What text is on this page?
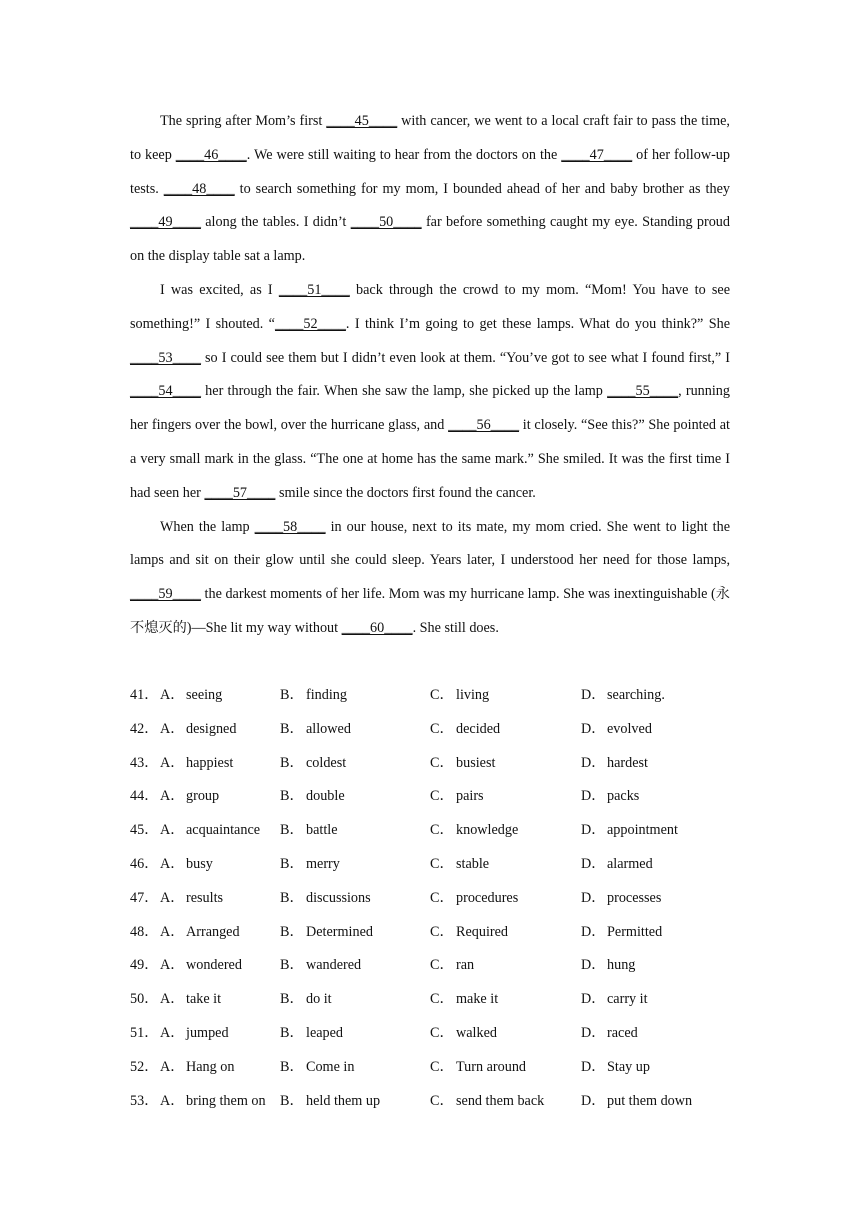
The spring after Mom’s first ____45____ with cancer, we went to a local craft fair to pass the time, to keep ____46____. We were still waiting to hear from the doctors on the ____47____ of her follow-up tests. ____48____ to search something for my mom, I bounded ahead of her and baby brother as they ____49____ along the tables. I didn’t ____50____ far before something caught my eye. Standing proud on the display table sat a lamp.

I was excited, as I ____51____ back through the crowd to my mom. “Mom! You have to see something!” I shouted. “____52____. I think I’m going to get these lamps. What do you think?” She ____53____ so I could see them but I didn’t even look at them. “You’ve got to see what I found first,” I ____54____ her through the fair. When she saw the lamp, she picked up the lamp ____55____, running her fingers over the bowl, over the hurricane glass, and ____56____ it closely. “See this?” She pointed at a very small mark in the glass. “The one at home has the same mark.” She smiled. It was the first time I had seen her ____57____ smile since the doctors first found the cancer.

When the lamp ____58____ in our house, next to its mate, my mom cried. She went to light the lamps and sit on their glow until she could sleep. Years later, I understood her need for those lamps, ____59____ the darkest moments of her life. Mom was my hurricane lamp. She was inextinguishable (永不熄灭的)—She lit my way without ____60____. She still does.

41． A． seeing	B． finding	C． living	D． searching.
42． A． designed	B． allowed	C． decided	D． evolved
43． A． happiest	B． coldest	C． busiest	D． hardest
44． A． group	B． double	C． pairs	D． packs
45． A． acquaintance B． battle	C． knowledge	D． appointment
46． A． busy	B． merry	C． stable	D． alarmed
47． A． results	B． discussions	C． procedures	D． processes
48． A． Arranged	B． Determined	C． Required	D． Permitted
49． A． wondered	B． wandered	C． ran	D． hung
50． A． take it	B． do it	C． make it	D． carry it
51． A． jumped	B． leaped	C． walked	D． raced
52． A． Hang on	B． Come in	C． Turn around	D． Stay up
53． A． bring them on B． held them up	C． send them back	D． put them down
